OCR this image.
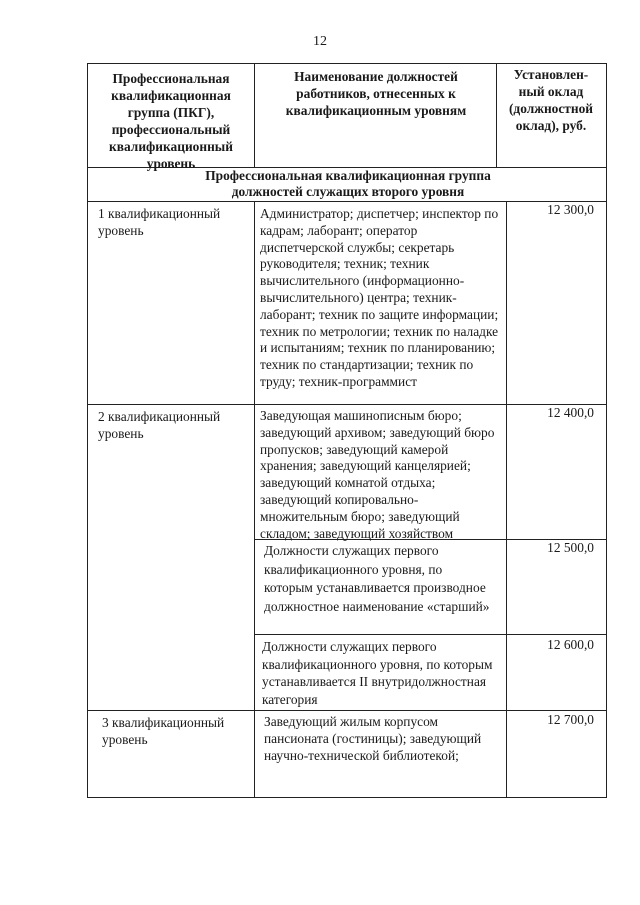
12
Профессиональная квалификационная группа (ПКГ), профессиональный квалификационный уровень
Наименование должностей работников, отнесенных к квалификационным уровням
Установлен-ный оклад (должностной оклад), руб.
Профессиональная квалификационная группа должностей служащих второго уровня
1 квалификационный уровень
Администратор; диспетчер; инспектор по кадрам; лаборант; оператор диспетчерской службы; секретарь руководителя; техник; техник вычислительного (информационно-вычислительного) центра; техник-лаборант; техник по защите информации; техник по метрологии; техник по наладке и испытаниям; техник по планированию; техник по стандартизации; техник по труду; техник-программист
12 300,0
2 квалификационный уровень
Заведующая машинописным бюро; заведующий архивом; заведующий бюро пропусков; заведующий камерой хранения; заведующий канцелярией; заведующий комнатой отдыха; заведующий копировально-множительным бюро; заведующий складом; заведующий хозяйством
12 400,0
Должности служащих первого квалификационного уровня, по которым устанавливается производное должностное наименование «старший»
12 500,0
Должности служащих первого квалификационного уровня, по которым устанавливается II внутридолжностная категория
12 600,0
3 квалификационный уровень
Заведующий жилым корпусом пансионата (гостиницы); заведующий научно-технической библиотекой;
12 700,0
